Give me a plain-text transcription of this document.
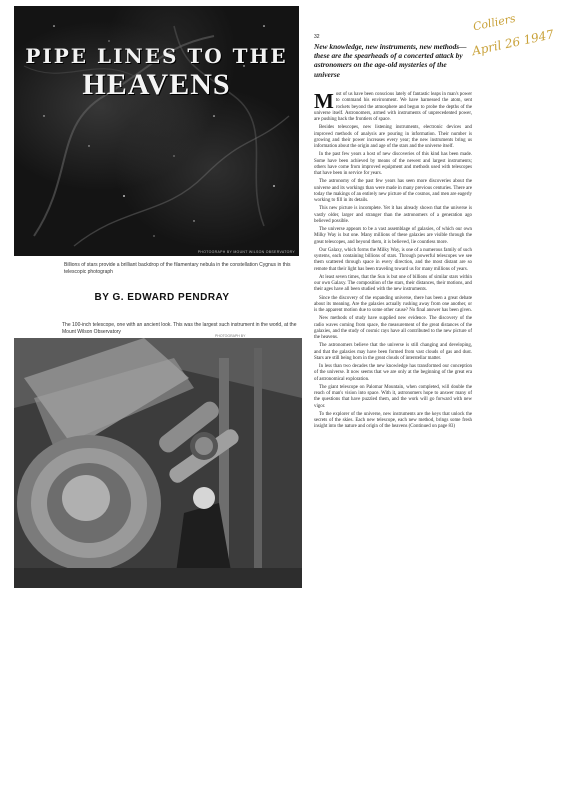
PIPE LINES TO THE
HEAVENS
PHOTOGRAPH BY MOUNT WILSON OBSERVATORY
Billions of stars provide a brilliant backdrop of the filamentary nebula in the constellation Cygnus in this telescopic photograph
BY G. EDWARD PENDRAY
The 100-inch telescope, one with an ancient look. This was the largest such instrument in the world, at the Mount Wilson Observatory
PHOTOGRAPH BY
32
New knowledge, new instruments, new methods—these are the spearheads of a concerted attack by astronomers on the age-old mysteries of the universe
Colliers
April 26 1947

Most of us have been conscious lately of fantastic leaps in man's power to command his environment. We have harnessed the atom, sent rockets beyond the atmosphere and begun to probe the depths of the universe itself. Astronomers, armed with instruments of unprecedented power, are pushing back the frontiers of space.

Besides telescopes, new listening instruments, electronic devices and improved methods of analysis are pouring in information. Their number is growing and their power increases every year; the new instruments bring us information about the origin and age of the stars and the universe itself.

In the past few years a host of new discoveries of this kind has been made. Some have been achieved by means of the newest and largest instruments; others have come from improved equipment and methods used with telescopes that have been in service for years.

The astronomy of the past few years has seen more discoveries about the universe and its workings than were made in many previous centuries. There are today the makings of an entirely new picture of the cosmos, and men are eagerly working to fill in its details.

This new picture is incomplete. Yet it has already shown that the universe is vastly older, larger and stranger than the astronomers of a generation ago believed possible.

The universe appears to be a vast assemblage of galaxies, of which our own Milky Way is but one. Many millions of these galaxies are visible through the great telescopes, and beyond them, it is believed, lie countless more.

Our Galaxy, which forms the Milky Way, is one of a numerous family of such systems, each containing billions of stars. Through powerful telescopes we see them scattered through space in every direction, and the most distant are so remote that their light has been traveling toward us for many millions of years.

At least seven times, that the Sun is but one of billions of similar stars within our own Galaxy. The composition of the stars, their distances, their motions, and their ages have all been studied with the new instruments.

Since the discovery of the expanding universe, there has been a great debate about its meaning. Are the galaxies actually rushing away from one another, or is the apparent motion due to some other cause? No final answer has been given.

New methods of study have supplied new evidence. The discovery of the radio waves coming from space, the measurement of the great distances of the galaxies, and the study of cosmic rays have all contributed to the new picture of the heavens.

The astronomers believe that the universe is still changing and developing, and that the galaxies may have been formed from vast clouds of gas and dust. Stars are still being born in the great clouds of interstellar matter.

In less than two decades the new knowledge has transformed our conception of the universe. It now seems that we are only at the beginning of the great era of astronomical exploration.

The giant telescope on Palomar Mountain, when completed, will double the reach of man's vision into space. With it, astronomers hope to answer many of the questions that have puzzled them, and the work will go forward with new vigor.

To the explorer of the universe, new instruments are the keys that unlock the secrets of the skies. Each new telescope, each new method, brings some fresh insight into the nature and origin of the heavens (Continued on page 83)
